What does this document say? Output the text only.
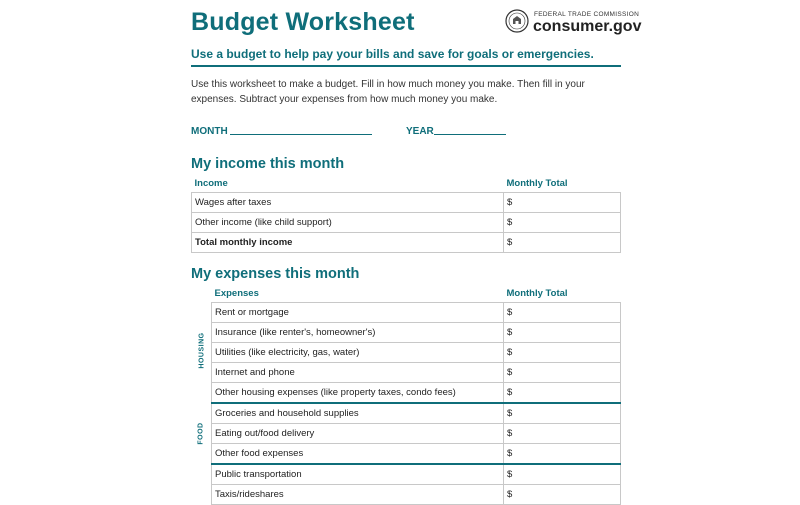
Budget Worksheet	FEDERAL TRADE COMMISSION
consumer.gov
Use a budget to help pay your bills and save for goals or emergencies.
Use this worksheet to make a budget. Fill in how much money you make. Then fill in your expenses. Subtract your expenses from how much money you make.
MONTH	YEAR
My income this month
Income	Monthly Total
Wages after taxes	$
Other income (like child support)	$
Total monthly income	$
My expenses this month
HOUSING
FOOD
Expenses	Monthly Total
Rent or mortgage	$
Insurance (like renter's, homeowner's)	$
Utilities (like electricity, gas, water)	$
Internet and phone	$
Other housing expenses (like property taxes, condo fees)	$
Groceries and household supplies	$
Eating out/food delivery	$
Other food expenses	$
Public transportation	$
Taxis/rideshares	$
